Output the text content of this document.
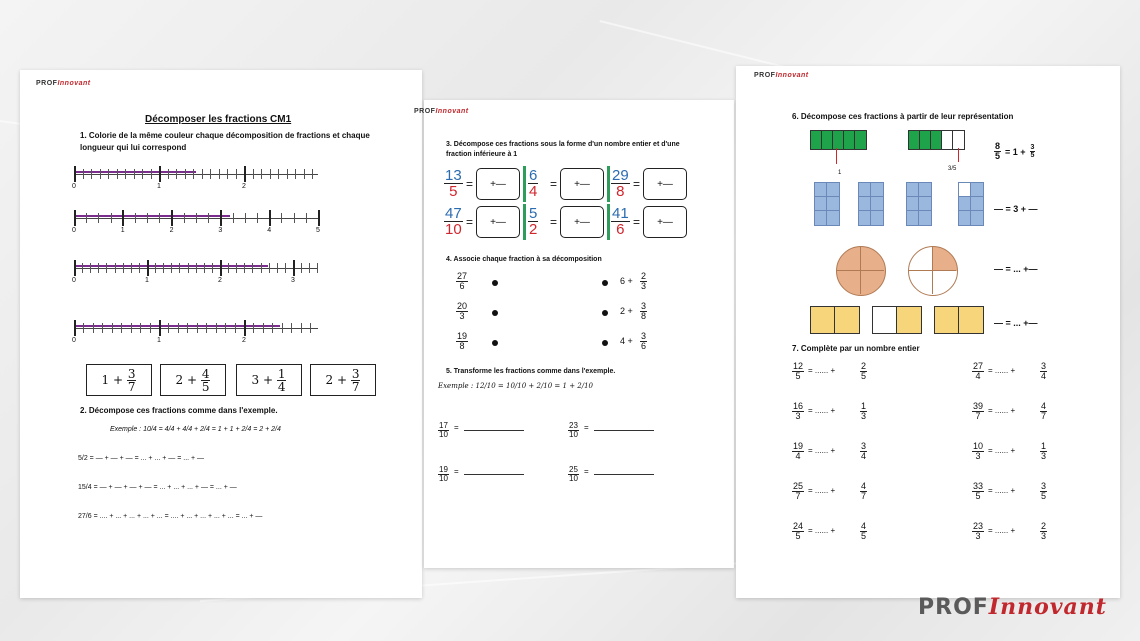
PROFInnovant
Décomposer les fractions CM1
1. Colorie de la même couleur chaque décomposition de fractions et chaque longueur qui lui correspond
0	1	2
0	1	2	3	4	5
0	1	2	3
0	1	2
$1 + \frac{3}{7}$	$2 + \frac{4}{5}$	$3 + \frac{1}{4}$	$2 + \frac{3}{7}$
2. Décompose ces fractions comme dans l'exemple.
Exemple : 10/4 = 4/4 + 4/4 + 2/4 = 1 + 1 + 2/4 = 2 + 2/4
5/2 = — + — + — = ... + ... + — = ... + —
15/4 = — + — + — + — = ... + ... + ... + — = ... + —
27/6 = .... + ... + ... + ... + ... = .... + ... + ... + ... + ... = ... + —
PROFInnovant
3. Décompose ces fractions sous la forme d'un nombre entier et d'une fraction inférieure à 1
$\frac{13}{5}$ =	+—	$\frac{6}{4}$ =	+—	$\frac{29}{8}$ =	+—
$\frac{47}{10}$ =	+—	$\frac{5}{2}$ =	+—	$\frac{41}{6}$ =	+—
4. Associe chaque fraction à sa décomposition
$\frac{27}{6}$
$\frac{20}{3}$
$\frac{19}{8}$
$6 + \frac{2}{3}$
$2 + \frac{3}{8}$
$4 + \frac{3}{6}$
5. Transforme les fractions comme dans l'exemple.
Exemple : 12/10 = 10/10 + 2/10 = 1 + 2/10
$\frac{17}{10}$ =	$\frac{23}{10}$ =
$\frac{19}{10}$ =	$\frac{25}{10}$ =
PROFInnovant
6. Décompose ces fractions à partir de leur représentation
1
3/5
$\frac{8}{5} = 1 + \frac{3}{5}$
— = 3 + —
— = ... +—
— = ... +—
7. Complète par un nombre entier
$\frac{12}{5}$ = ...... +	$\frac{2}{5}$	$\frac{27}{4}$ = ...... +	$\frac{3}{4}$
$\frac{16}{3}$ = ...... +	$\frac{1}{3}$	$\frac{39}{7}$ = ...... +	$\frac{4}{7}$
$\frac{19}{4}$ = ...... +	$\frac{3}{4}$	$\frac{10}{3}$ = ...... +	$\frac{1}{3}$
$\frac{25}{7}$ = ...... +	$\frac{4}{7}$	$\frac{33}{5}$ = ...... +	$\frac{3}{5}$
$\frac{24}{5}$ = ...... +	$\frac{4}{5}$	$\frac{23}{3}$ = ...... +	$\frac{2}{3}$
PROFInnovant
